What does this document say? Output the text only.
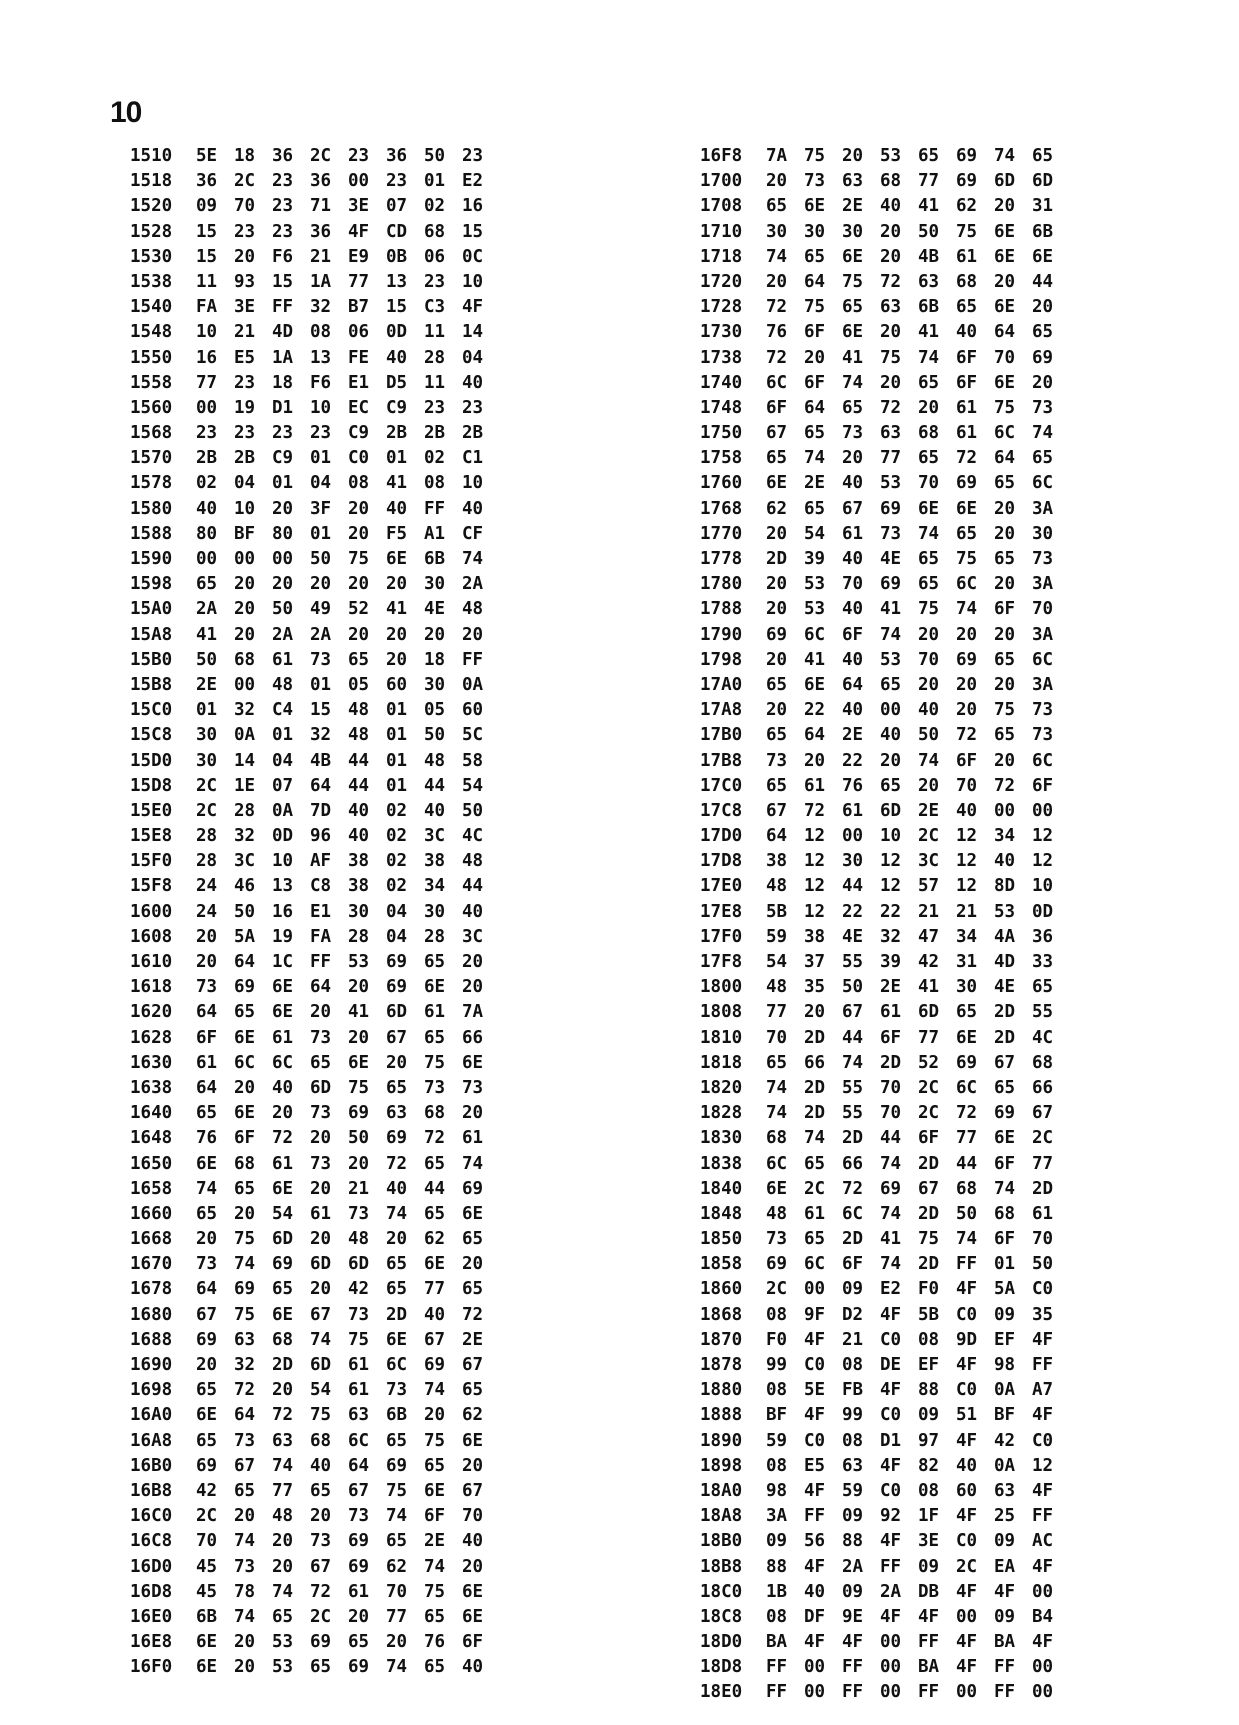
10
1510 5E 18 36 2C 23 36 50 23
1518 36 2C 23 36 00 23 01 E2
1520 09 70 23 71 3E 07 02 16
1528 15 23 23 36 4F CD 68 15
1530 15 20 F6 21 E9 0B 06 0C
1538 11 93 15 1A 77 13 23 10
1540 FA 3E FF 32 B7 15 C3 4F
1548 10 21 4D 08 06 0D 11 14
1550 16 E5 1A 13 FE 40 28 04
1558 77 23 18 F6 E1 D5 11 40
1560 00 19 D1 10 EC C9 23 23
1568 23 23 23 23 C9 2B 2B 2B
1570 2B 2B C9 01 C0 01 02 C1
1578 02 04 01 04 08 41 08 10
1580 40 10 20 3F 20 40 FF 40
1588 80 BF 80 01 20 F5 A1 CF
1590 00 00 00 50 75 6E 6B 74
1598 65 20 20 20 20 20 30 2A
15A0 2A 20 50 49 52 41 4E 48
15A8 41 20 2A 2A 20 20 20 20
15B0 50 68 61 73 65 20 18 FF
15B8 2E 00 48 01 05 60 30 0A
15C0 01 32 C4 15 48 01 05 60
15C8 30 0A 01 32 48 01 50 5C
15D0 30 14 04 4B 44 01 48 58
15D8 2C 1E 07 64 44 01 44 54
15E0 2C 28 0A 7D 40 02 40 50
15E8 28 32 0D 96 40 02 3C 4C
15F0 28 3C 10 AF 38 02 38 48
15F8 24 46 13 C8 38 02 34 44
1600 24 50 16 E1 30 04 30 40
1608 20 5A 19 FA 28 04 28 3C
1610 20 64 1C FF 53 69 65 20
1618 73 69 6E 64 20 69 6E 20
1620 64 65 6E 20 41 6D 61 7A
1628 6F 6E 61 73 20 67 65 66
1630 61 6C 6C 65 6E 20 75 6E
1638 64 20 40 6D 75 65 73 73
1640 65 6E 20 73 69 63 68 20
1648 76 6F 72 20 50 69 72 61
1650 6E 68 61 73 20 72 65 74
1658 74 65 6E 20 21 40 44 69
1660 65 20 54 61 73 74 65 6E
1668 20 75 6D 20 48 20 62 65
1670 73 74 69 6D 6D 65 6E 20
1678 64 69 65 20 42 65 77 65
1680 67 75 6E 67 73 2D 40 72
1688 69 63 68 74 75 6E 67 2E
1690 20 32 2D 6D 61 6C 69 67
1698 65 72 20 54 61 73 74 65
16A0 6E 64 72 75 63 6B 20 62
16A8 65 73 63 68 6C 65 75 6E
16B0 69 67 74 40 64 69 65 20
16B8 42 65 77 65 67 75 6E 67
16C0 2C 20 48 20 73 74 6F 70
16C8 70 74 20 73 69 65 2E 40
16D0 45 73 20 67 69 62 74 20
16D8 45 78 74 72 61 70 75 6E
16E0 6B 74 65 2C 20 77 65 6E
16E8 6E 20 53 69 65 20 76 6F
16F0 6E 20 53 65 69 74 65 40
16F8 7A 75 20 53 65 69 74 65
1700 20 73 63 68 77 69 6D 6D
1708 65 6E 2E 40 41 62 20 31
1710 30 30 30 20 50 75 6E 6B
1718 74 65 6E 20 4B 61 6E 6E
1720 20 64 75 72 63 68 20 44
1728 72 75 65 63 6B 65 6E 20
1730 76 6F 6E 20 41 40 64 65
1738 72 20 41 75 74 6F 70 69
1740 6C 6F 74 20 65 6F 6E 20
1748 6F 64 65 72 20 61 75 73
1750 67 65 73 63 68 61 6C 74
1758 65 74 20 77 65 72 64 65
1760 6E 2E 40 53 70 69 65 6C
1768 62 65 67 69 6E 6E 20 3A
1770 20 54 61 73 74 65 20 30
1778 2D 39 40 4E 65 75 65 73
1780 20 53 70 69 65 6C 20 3A
1788 20 53 40 41 75 74 6F 70
1790 69 6C 6F 74 20 20 20 3A
1798 20 41 40 53 70 69 65 6C
17A0 65 6E 64 65 20 20 20 3A
17A8 20 22 40 00 40 20 75 73
17B0 65 64 2E 40 50 72 65 73
17B8 73 20 22 20 74 6F 20 6C
17C0 65 61 76 65 20 70 72 6F
17C8 67 72 61 6D 2E 40 00 00
17D0 64 12 00 10 2C 12 34 12
17D8 38 12 30 12 3C 12 40 12
17E0 48 12 44 12 57 12 8D 10
17E8 5B 12 22 22 21 21 53 0D
17F0 59 38 4E 32 47 34 4A 36
17F8 54 37 55 39 42 31 4D 33
1800 48 35 50 2E 41 30 4E 65
1808 77 20 67 61 6D 65 2D 55
1810 70 2D 44 6F 77 6E 2D 4C
1818 65 66 74 2D 52 69 67 68
1820 74 2D 55 70 2C 6C 65 66
1828 74 2D 55 70 2C 72 69 67
1830 68 74 2D 44 6F 77 6E 2C
1838 6C 65 66 74 2D 44 6F 77
1840 6E 2C 72 69 67 68 74 2D
1848 48 61 6C 74 2D 50 68 61
1850 73 65 2D 41 75 74 6F 70
1858 69 6C 6F 74 2D FF 01 50
1860 2C 00 09 E2 F0 4F 5A C0
1868 08 9F D2 4F 5B C0 09 35
1870 F0 4F 21 C0 08 9D EF 4F
1878 99 C0 08 DE EF 4F 98 FF
1880 08 5E FB 4F 88 C0 0A A7
1888 BF 4F 99 C0 09 51 BF 4F
1890 59 C0 08 D1 97 4F 42 C0
1898 08 E5 63 4F 82 40 0A 12
18A0 98 4F 59 C0 08 60 63 4F
18A8 3A FF 09 92 1F 4F 25 FF
18B0 09 56 88 4F 3E C0 09 AC
18B8 88 4F 2A FF 09 2C EA 4F
18C0 1B 40 09 2A DB 4F 4F 00
18C8 08 DF 9E 4F 4F 00 09 B4
18D0 BA 4F 4F 00 FF 4F BA 4F
18D8 FF 00 FF 00 BA 4F FF 00
18E0 FF 00 FF 00 FF 00 FF 00
